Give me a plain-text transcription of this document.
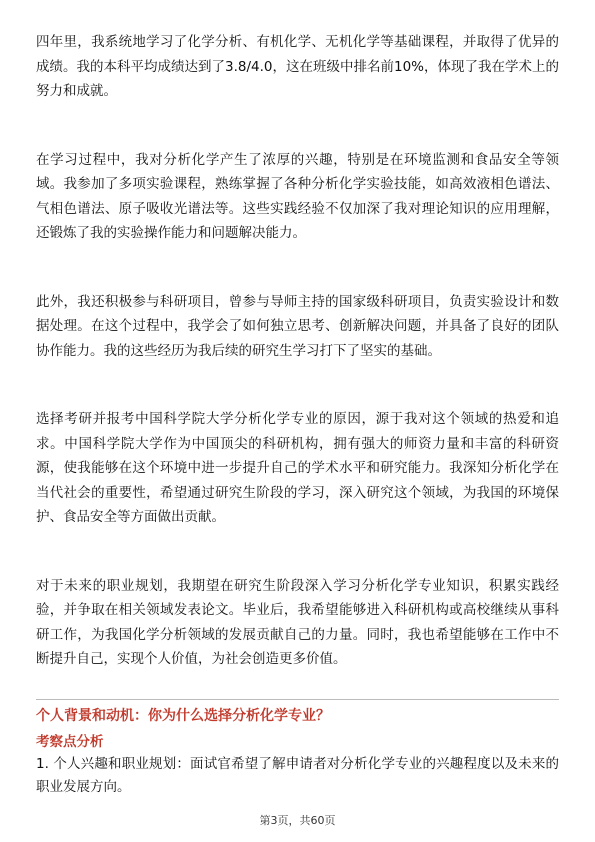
四年里，我系统地学习了化学分析、有机化学、无机化学等基础课程，并取得了优异的成绩。我的本科平均成绩达到了3.8/4.0，这在班级中排名前10%，体现了我在学术上的努力和成就。

在学习过程中，我对分析化学产生了浓厚的兴趣，特别是在环境监测和食品安全等领域。我参加了多项实验课程，熟练掌握了各种分析化学实验技能，如高效液相色谱法、气相色谱法、原子吸收光谱法等。这些实践经验不仅加深了我对理论知识的应用理解，还锻炼了我的实验操作能力和问题解决能力。

此外，我还积极参与科研项目，曾参与导师主持的国家级科研项目，负责实验设计和数据处理。在这个过程中，我学会了如何独立思考、创新解决问题，并具备了良好的团队协作能力。我的这些经历为我后续的研究生学习打下了坚实的基础。

选择考研并报考中国科学院大学分析化学专业的原因，源于我对这个领域的热爱和追求。中国科学院大学作为中国顶尖的科研机构，拥有强大的师资力量和丰富的科研资源，使我能够在这个环境中进一步提升自己的学术水平和研究能力。我深知分析化学在当代社会的重要性，希望通过研究生阶段的学习，深入研究这个领域，为我国的环境保护、食品安全等方面做出贡献。

对于未来的职业规划，我期望在研究生阶段深入学习分析化学专业知识，积累实践经验，并争取在相关领域发表论文。毕业后，我希望能够进入科研机构或高校继续从事科研工作，为我国化学分析领域的发展贡献自己的力量。同时，我也希望能够在工作中不断提升自己，实现个人价值，为社会创造更多价值。

个人背景和动机：你为什么选择分析化学专业？

考察点分析

1. 个人兴趣和职业规划：面试官希望了解申请者对分析化学专业的兴趣程度以及未来的职业发展方向。

第3页，共60页
